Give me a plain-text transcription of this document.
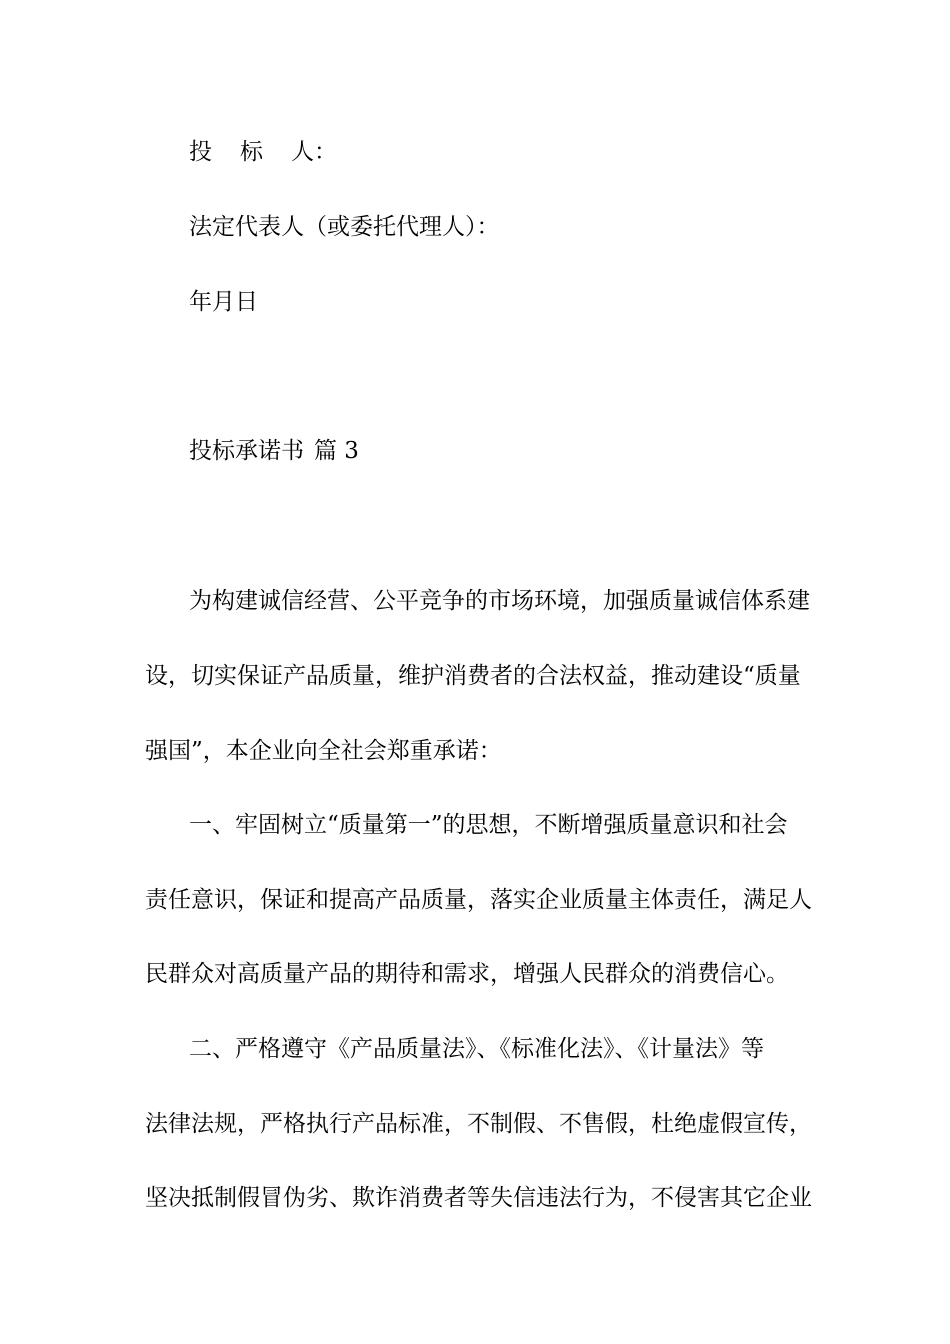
投 标 人：

法定代表人（或委托代理人）：

年月日

投标承诺书 篇 3

为构建诚信经营、公平竞争的市场环境，加强质量诚信体系建

设，切实保证产品质量，维护消费者的合法权益，推动建设“质量

强国”，本企业向全社会郑重承诺：

一、牢固树立“质量第一”的思想，不断增强质量意识和社会

责任意识，保证和提高产品质量，落实企业质量主体责任，满足人

民群众对高质量产品的期待和需求，增强人民群众的消费信心。

二、严格遵守《产品质量法》、《标准化法》、《计量法》等

法律法规，严格执行产品标准，不制假、不售假，杜绝虚假宣传，

坚决抵制假冒伪劣、欺诈消费者等失信违法行为，不侵害其它企业
